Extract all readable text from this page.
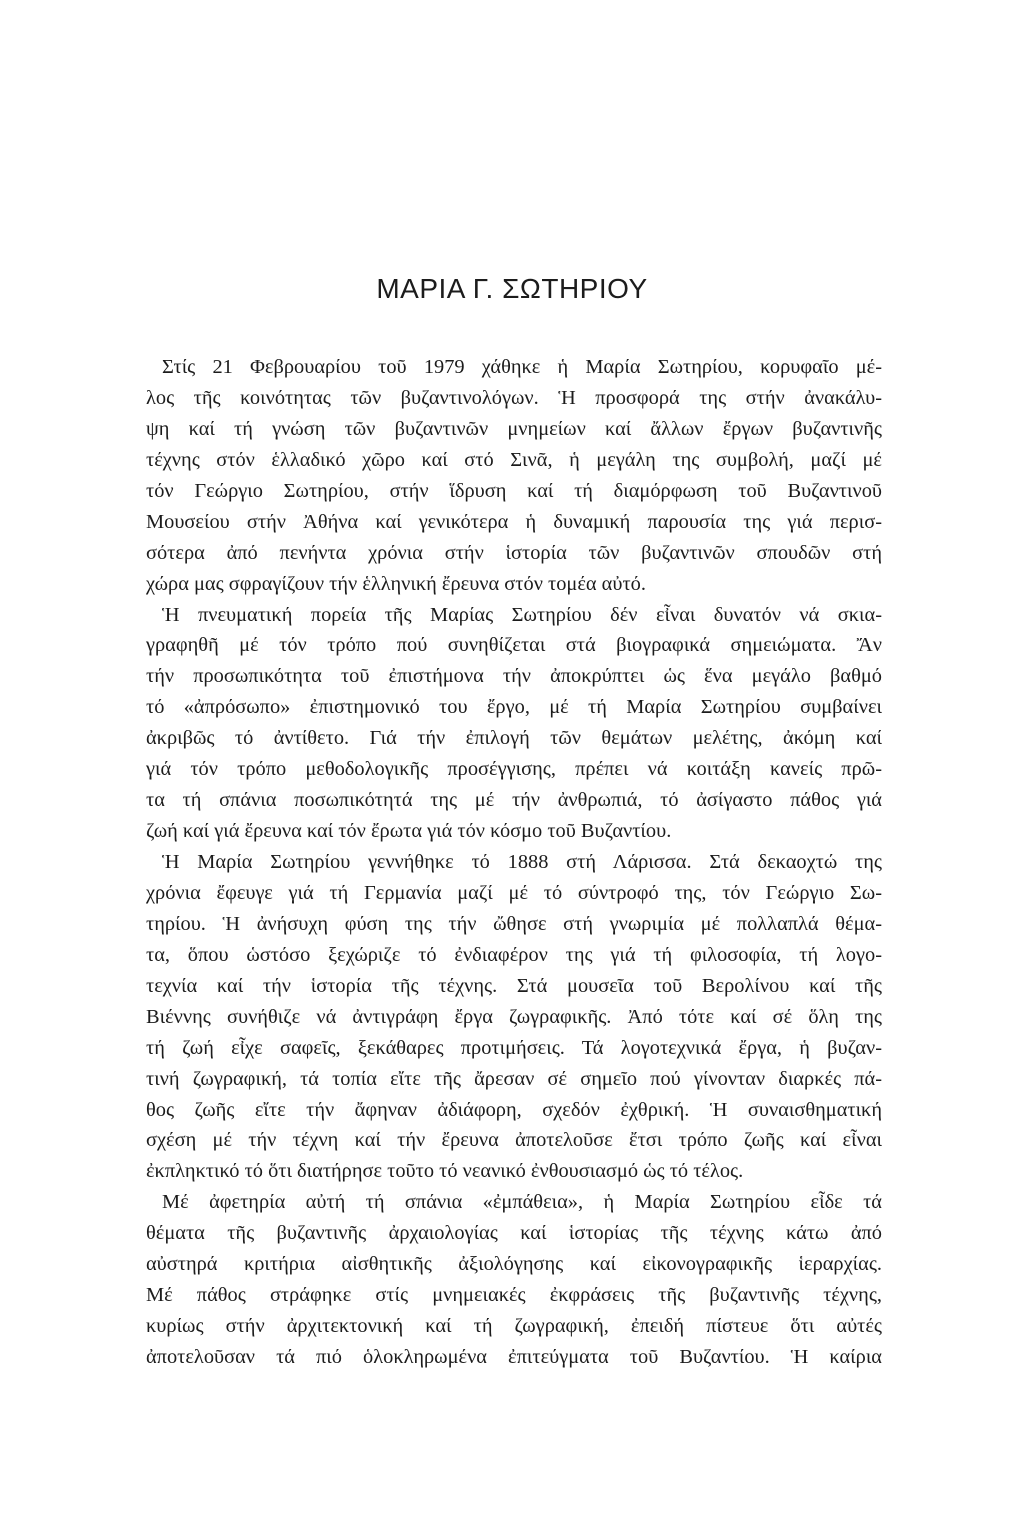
ΜΑΡΙΑ Γ. ΣΩΤΗΡΙΟΥ
Στίς 21 Φεβρουαρίου τοῦ 1979 χάθηκε ἡ Μαρία Σωτηρίου, κορυφαῖο μέ-
λος τῆς κοινότητας τῶν βυζαντινολόγων. Ἡ προσφορά της στήν ἀνακάλυ-
ψη καί τή γνώση τῶν βυζαντινῶν μνημείων καί ἄλλων ἔργων βυζαντινῆς
τέχνης στόν ἑλλαδικό χῶρο καί στό Σινᾶ, ἡ μεγάλη της συμβολή, μαζί μέ
τόν Γεώργιο Σωτηρίου, στήν ἵδρυση καί τή διαμόρφωση τοῦ Βυζαντινοῦ
Μουσείου στήν Ἀθήνα καί γενικότερα ἡ δυναμική παρουσία της γιά περισ-
σότερα ἀπό πενήντα χρόνια στήν ἱστορία τῶν βυζαντινῶν σπουδῶν στή
χώρα μας σφραγίζουν τήν ἑλληνική ἔρευνα στόν τομέα αὐτό.
Ἡ πνευματική πορεία τῆς Μαρίας Σωτηρίου δέν εἶναι δυνατόν νά σκια-
γραφηθῆ μέ τόν τρόπο πού συνηθίζεται στά βιογραφικά σημειώματα. Ἄν
τήν προσωπικότητα τοῦ ἐπιστήμονα τήν ἀποκρύπτει ὡς ἕνα μεγάλο βαθμό
τό «ἀπρόσωπο» ἐπιστημονικό του ἔργο, μέ τή Μαρία Σωτηρίου συμβαίνει
ἀκριβῶς τό ἀντίθετο. Γιά τήν ἐπιλογή τῶν θεμάτων μελέτης, ἀκόμη καί
γιά τόν τρόπο μεθοδολογικῆς προσέγγισης, πρέπει νά κοιτάξη κανείς πρῶ-
τα τή σπάνια ποσωπικότητά της μέ τήν ἀνθρωπιά, τό ἀσίγαστο πάθος γιά
ζωή καί γιά ἔρευνα καί τόν ἔρωτα γιά τόν κόσμο τοῦ Βυζαντίου.
Ἡ Μαρία Σωτηρίου γεννήθηκε τό 1888 στή Λάρισσα. Στά δεκαοχτώ της
χρόνια ἔφευγε γιά τή Γερμανία μαζί μέ τό σύντροφό της, τόν Γεώργιο Σω-
τηρίου. Ἡ ἀνήσυχη φύση της τήν ὤθησε στή γνωριμία μέ πολλαπλά θέμα-
τα, ὅπου ὡστόσο ξεχώριζε τό ἐνδιαφέρον της γιά τή φιλοσοφία, τή λογο-
τεχνία καί τήν ἱστορία τῆς τέχνης. Στά μουσεῖα τοῦ Βερολίνου καί τῆς
Βιέννης συνήθιζε νά ἀντιγράφη ἔργα ζωγραφικῆς. Ἀπό τότε καί σέ ὅλη της
τή ζωή εἶχε σαφεῖς, ξεκάθαρες προτιμήσεις. Τά λογοτεχνικά ἔργα, ἡ βυζαν-
τινή ζωγραφική, τά τοπία εἴτε τῆς ἄρεσαν σέ σημεῖο πού γίνονταν διαρκές πά-
θος ζωῆς εἴτε τήν ἄφηναν ἀδιάφορη, σχεδόν ἐχθρική. Ἡ συναισθηματική
σχέση μέ τήν τέχνη καί τήν ἔρευνα ἀποτελοῦσε ἔτσι τρόπο ζωῆς καί εἶναι
ἐκπληκτικό τό ὅτι διατήρησε τοῦτο τό νεανικό ἐνθουσιασμό ὡς τό τέλος.
Μέ ἀφετηρία αὐτή τή σπάνια «ἐμπάθεια», ἡ Μαρία Σωτηρίου εἶδε τά
θέματα τῆς βυζαντινῆς ἀρχαιολογίας καί ἱστορίας τῆς τέχνης κάτω ἀπό
αὐστηρά κριτήρια αἰσθητικῆς ἀξιολόγησης καί εἰκονογραφικῆς ἱεραρχίας.
Μέ πάθος στράφηκε στίς μνημειακές ἐκφράσεις τῆς βυζαντινῆς τέχνης,
κυρίως στήν ἀρχιτεκτονική καί τή ζωγραφική, ἐπειδή πίστευε ὅτι αὐτές
ἀποτελοῦσαν τά πιό ὁλοκληρωμένα ἐπιτεύγματα τοῦ Βυζαντίου. Ἡ καίρια
